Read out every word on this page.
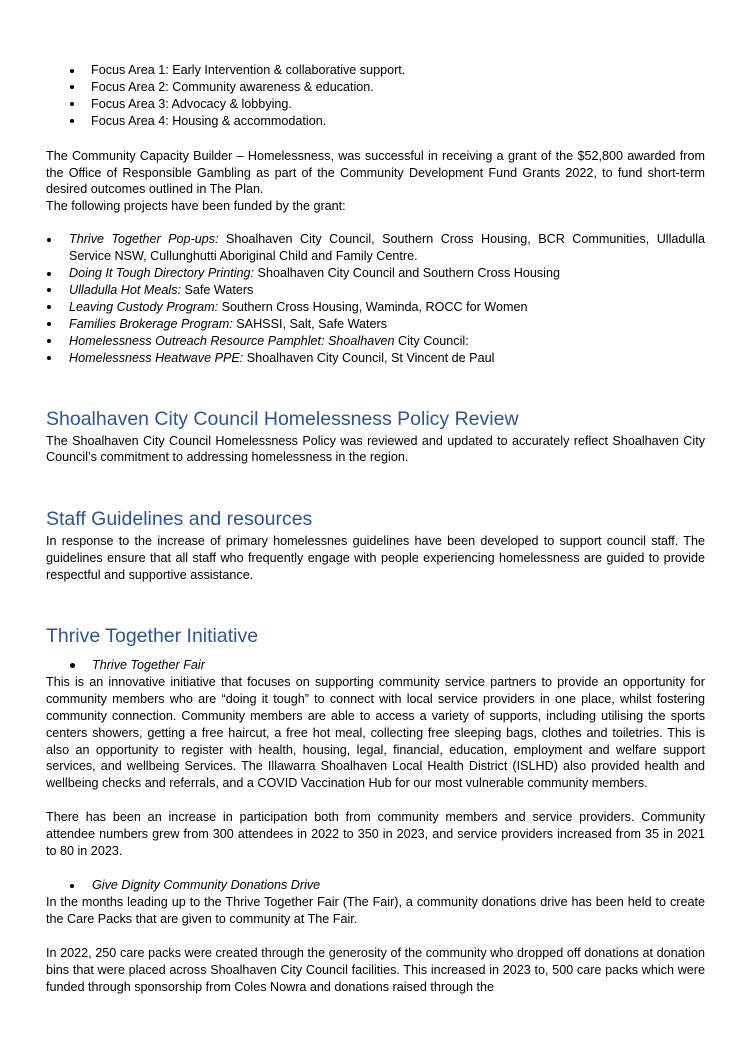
Focus Area 1: Early Intervention & collaborative support.
Focus Area 2: Community awareness & education.
Focus Area 3: Advocacy & lobbying.
Focus Area 4: Housing & accommodation.

The Community Capacity Builder – Homelessness, was successful in receiving a grant of the $52,800 awarded from the Office of Responsible Gambling as part of the Community Development Fund Grants 2022, to fund short-term desired outcomes outlined in The Plan.

The following projects have been funded by the grant:

Thrive Together Pop-ups: Shoalhaven City Council, Southern Cross Housing, BCR Communities, Ulladulla Service NSW, Cullunghutti Aboriginal Child and Family Centre.
Doing It Tough Directory Printing: Shoalhaven City Council and Southern Cross Housing
Ulladulla Hot Meals: Safe Waters
Leaving Custody Program: Southern Cross Housing, Waminda, ROCC for Women
Families Brokerage Program: SAHSSI, Salt, Safe Waters
Homelessness Outreach Resource Pamphlet: Shoalhaven City Council:
Homelessness Heatwave PPE: Shoalhaven City Council, St Vincent de Paul
Shoalhaven City Council Homelessness Policy Review

The Shoalhaven City Council Homelessness Policy was reviewed and updated to accurately reflect Shoalhaven City Council’s commitment to addressing homelessness in the region.

Staff Guidelines and resources

In response to the increase of primary homelessnes guidelines have been developed to support council staff. The guidelines ensure that all staff who frequently engage with people experiencing homelessness are guided to provide respectful and supportive assistance.

Thrive Together Initiative
Thrive Together Fair

This is an innovative initiative that focuses on supporting community service partners to provide an opportunity for community members who are “doing it tough” to connect with local service providers in one place, whilst fostering community connection. Community members are able to access a variety of supports, including utilising the sports centers showers, getting a free haircut, a free hot meal, collecting free sleeping bags, clothes and toiletries. This is also an opportunity to register with health, housing, legal, financial, education, employment and welfare support services, and wellbeing Services. The Illawarra Shoalhaven Local Health District (ISLHD) also provided health and wellbeing checks and referrals, and a COVID Vaccination Hub for our most vulnerable community members.

There has been an increase in participation both from community members and service providers. Community attendee numbers grew from 300 attendees in 2022 to 350 in 2023, and service providers increased from 35 in 2021 to 80 in 2023.

Give Dignity Community Donations Drive

In the months leading up to the Thrive Together Fair (The Fair), a community donations drive has been held to create the Care Packs that are given to community at The Fair.

In 2022, 250 care packs were created through the generosity of the community who dropped off donations at donation bins that were placed across Shoalhaven City Council facilities. This increased in 2023 to, 500 care packs which were funded through sponsorship from Coles Nowra and donations raised through the
